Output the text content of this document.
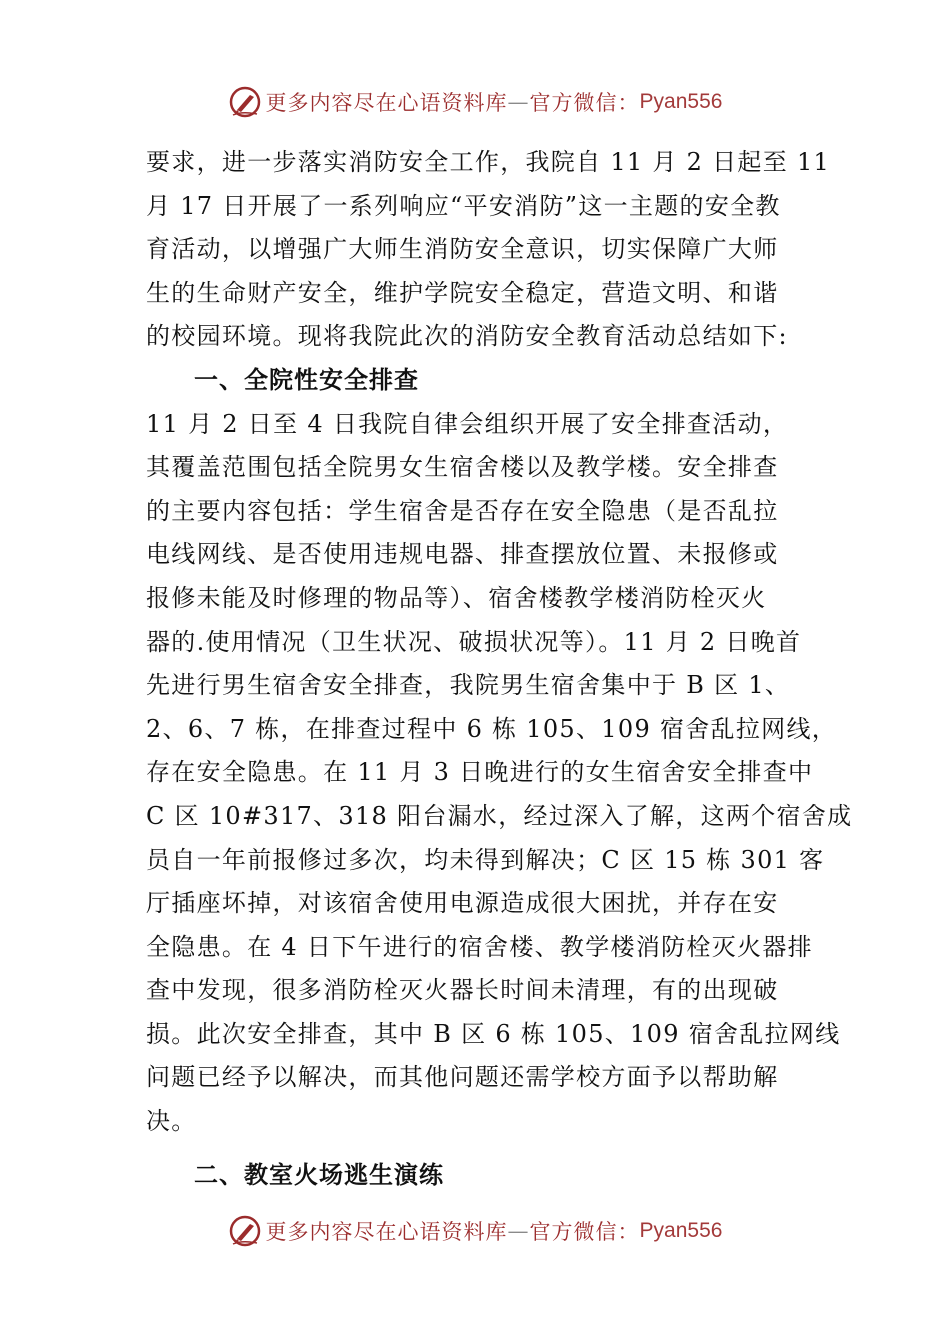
更多内容尽在心语资料库 — 官方微信： Pyan556

要求，进一步落实消防安全工作，我院自 11 月 2 日起至 11
月 17 日开展了一系列响应“平安消防”这一主题的安全教
育活动，以增强广大师生消防安全意识，切实保障广大师
生的生命财产安全，维护学院安全稳定，营造文明、和谐
的校园环境。现将我院此次的消防安全教育活动总结如下:

一、全院性安全排查

11 月 2 日至 4 日我院自律会组织开展了安全排查活动，
其覆盖范围包括全院男女生宿舍楼以及教学楼。安全排查
的主要内容包括：学生宿舍是否存在安全隐患（是否乱拉
电线网线、是否使用违规电器、排查摆放位置、未报修或
报修未能及时修理的物品等）、宿舍楼教学楼消防栓灭火
器的.使用情况（卫生状况、破损状况等）。11 月 2 日晚首
先进行男生宿舍安全排查，我院男生宿舍集中于 B 区 1、
2、6、7 栋，在排查过程中 6 栋 105、109 宿舍乱拉网线，
存在安全隐患。在 11 月 3 日晚进行的女生宿舍安全排查中
C 区 10#317、318 阳台漏水，经过深入了解，这两个宿舍成
员自一年前报修过多次，均未得到解决；C 区 15 栋 301 客
厅插座坏掉，对该宿舍使用电源造成很大困扰，并存在安
全隐患。在 4 日下午进行的宿舍楼、教学楼消防栓灭火器排
查中发现，很多消防栓灭火器长时间未清理，有的出现破
损。此次安全排查，其中 B 区 6 栋 105、109 宿舍乱拉网线
问题已经予以解决，而其他问题还需学校方面予以帮助解
决。

二、教室火场逃生演练
更多内容尽在心语资料库 — 官方微信： Pyan556
